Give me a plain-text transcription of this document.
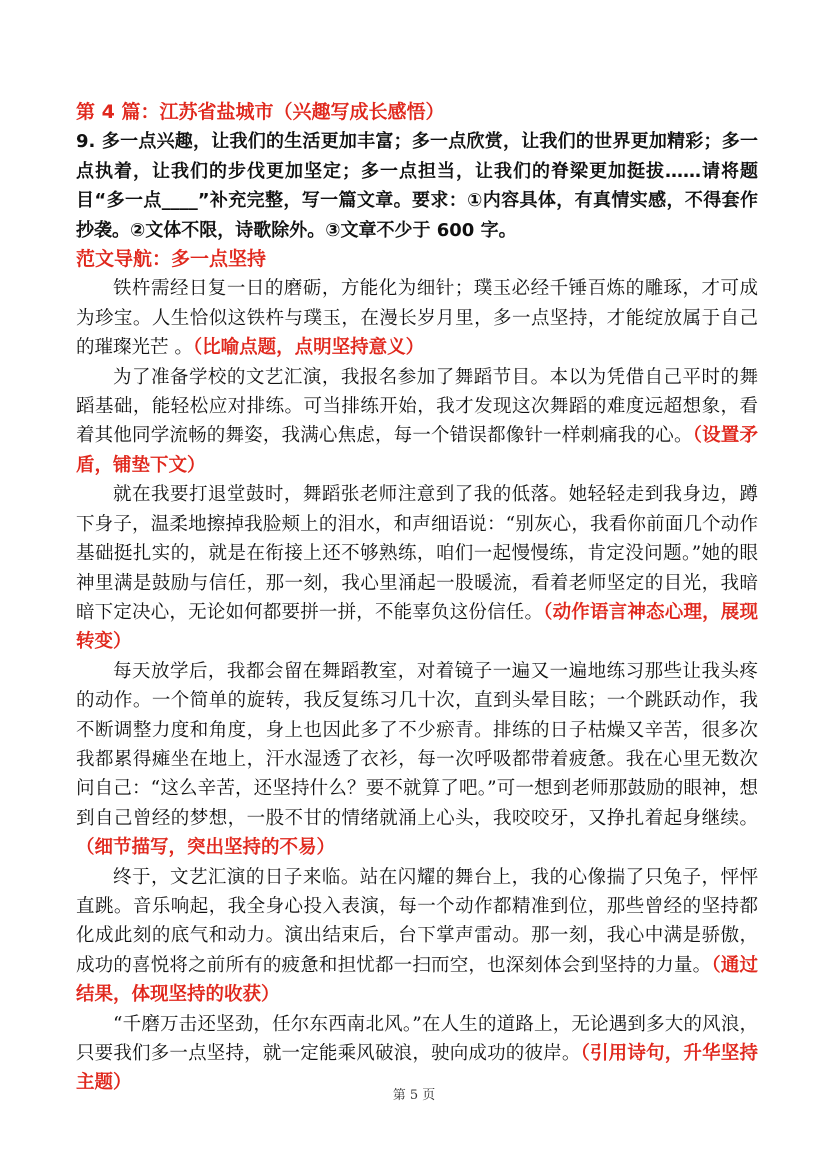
第 4 篇：江苏省盐城市（兴趣写成长感悟）

9. 多一点兴趣，让我们的生活更加丰富；多一点欣赏，让我们的世界更加精彩；多一点执着，让我们的步伐更加坚定；多一点担当，让我们的脊梁更加挺拔……请将题目“多一点____”补充完整，写一篇文章。要求：①内容具体，有真情实感，不得套作抄袭。②文体不限，诗歌除外。③文章不少于 600 字。

范文导航：多一点坚持

铁杵需经日复一日的磨砺，方能化为细针；璞玉必经千锤百炼的雕琢，才可成为珍宝。人生恰似这铁杵与璞玉，在漫长岁月里，多一点坚持，才能绽放属于自己的璀璨光芒 。（比喻点题，点明坚持意义）

为了准备学校的文艺汇演，我报名参加了舞蹈节目。本以为凭借自己平时的舞蹈基础，能轻松应对排练。可当排练开始，我才发现这次舞蹈的难度远超想象，看着其他同学流畅的舞姿，我满心焦虑，每一个错误都像针一样刺痛我的心。（设置矛盾，铺垫下文）

就在我要打退堂鼓时，舞蹈张老师注意到了我的低落。她轻轻走到我身边，蹲下身子，温柔地擦掉我脸颊上的泪水，和声细语说：“别灰心，我看你前面几个动作基础挺扎实的，就是在衔接上还不够熟练，咱们一起慢慢练，肯定没问题。”她的眼神里满是鼓励与信任，那一刻，我心里涌起一股暖流，看着老师坚定的目光，我暗暗下定决心，无论如何都要拼一拼，不能辜负这份信任。（动作语言神态心理，展现转变）

每天放学后，我都会留在舞蹈教室，对着镜子一遍又一遍地练习那些让我头疼的动作。一个简单的旋转，我反复练习几十次，直到头晕目眩；一个跳跃动作，我不断调整力度和角度，身上也因此多了不少瘀青。排练的日子枯燥又辛苦，很多次我都累得瘫坐在地上，汗水湿透了衣衫，每一次呼吸都带着疲惫。我在心里无数次问自己：“这么辛苦，还坚持什么？要不就算了吧。”可一想到老师那鼓励的眼神，想到自己曾经的梦想，一股不甘的情绪就涌上心头，我咬咬牙，又挣扎着起身继续。（细节描写，突出坚持的不易）

终于，文艺汇演的日子来临。站在闪耀的舞台上，我的心像揣了只兔子，怦怦直跳。音乐响起，我全身心投入表演，每一个动作都精准到位，那些曾经的坚持都化成此刻的底气和动力。演出结束后，台下掌声雷动。那一刻，我心中满是骄傲，成功的喜悦将之前所有的疲惫和担忧都一扫而空，也深刻体会到坚持的力量。（通过结果，体现坚持的收获）

“千磨万击还坚劲，任尔东西南北风。”在人生的道路上，无论遇到多大的风浪，只要我们多一点坚持，就一定能乘风破浪，驶向成功的彼岸。（引用诗句，升华坚持主题）

第 5 页
